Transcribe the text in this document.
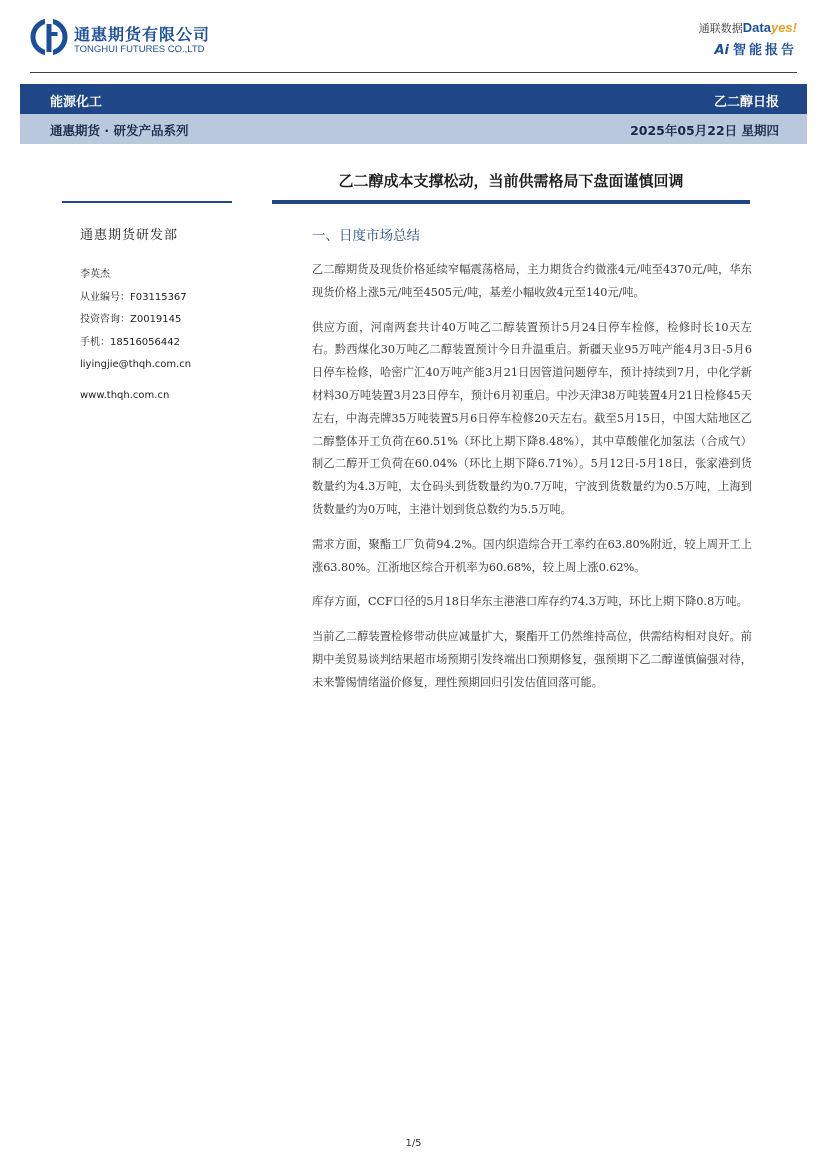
通惠期货有限公司
TONGHUI FUTURES CO.,LTD
通联数据Datayes!
Ai 智能报告
能源化工	乙二醇日报
通惠期货 · 研发产品系列	2025年05月22日 星期四
乙二醇成本支撑松动，当前供需格局下盘面谨慎回调
通惠期货研发部
李英杰
从业编号：F03115367
投资咨询：Z0019145
手机：18516056442
liyingjie@thqh.com.cn
www.thqh.com.cn
一、日度市场总结

乙二醇期货及现货价格延续窄幅震荡格局，主力期货合约微涨4元/吨至4370元/吨，华东现货价格上涨5元/吨至4505元/吨，基差小幅收敛4元至140元/吨。

供应方面，河南两套共计40万吨乙二醇装置预计5月24日停车检修，检修时长10天左右。黔西煤化30万吨乙二醇装置预计今日升温重启。新疆天业95万吨产能4月3日-5月6日停车检修，哈密广汇40万吨产能3月21日因管道问题停车，预计持续到7月，中化学新材料30万吨装置3月23日停车，预计6月初重启。中沙天津38万吨装置4月21日检修45天左右，中海壳牌35万吨装置5月6日停车检修20天左右。截至5月15日，中国大陆地区乙二醇整体开工负荷在60.51%（环比上期下降8.48%），其中草酸催化加氢法（合成气）制乙二醇开工负荷在60.04%（环比上期下降6.71%）。5月12日-5月18日，张家港到货数量约为4.3万吨，太仓码头到货数量约为0.7万吨，宁波到货数量约为0.5万吨，上海到货数量约为0万吨，主港计划到货总数约为5.5万吨。

需求方面，聚酯工厂负荷94.2%。国内织造综合开工率约在63.80%附近，较上周开工上涨63.80%。江浙地区综合开机率为60.68%，较上周上涨0.62%。

库存方面，CCF口径的5月18日华东主港港口库存约74.3万吨，环比上期下降0.8万吨。

当前乙二醇装置检修带动供应减量扩大，聚酯开工仍然维持高位，供需结构相对良好。前期中美贸易谈判结果超市场预期引发终端出口预期修复，强预期下乙二醇谨慎偏强对待，未来警惕情绪溢价修复，理性预期回归引发估值回落可能。

1/5
